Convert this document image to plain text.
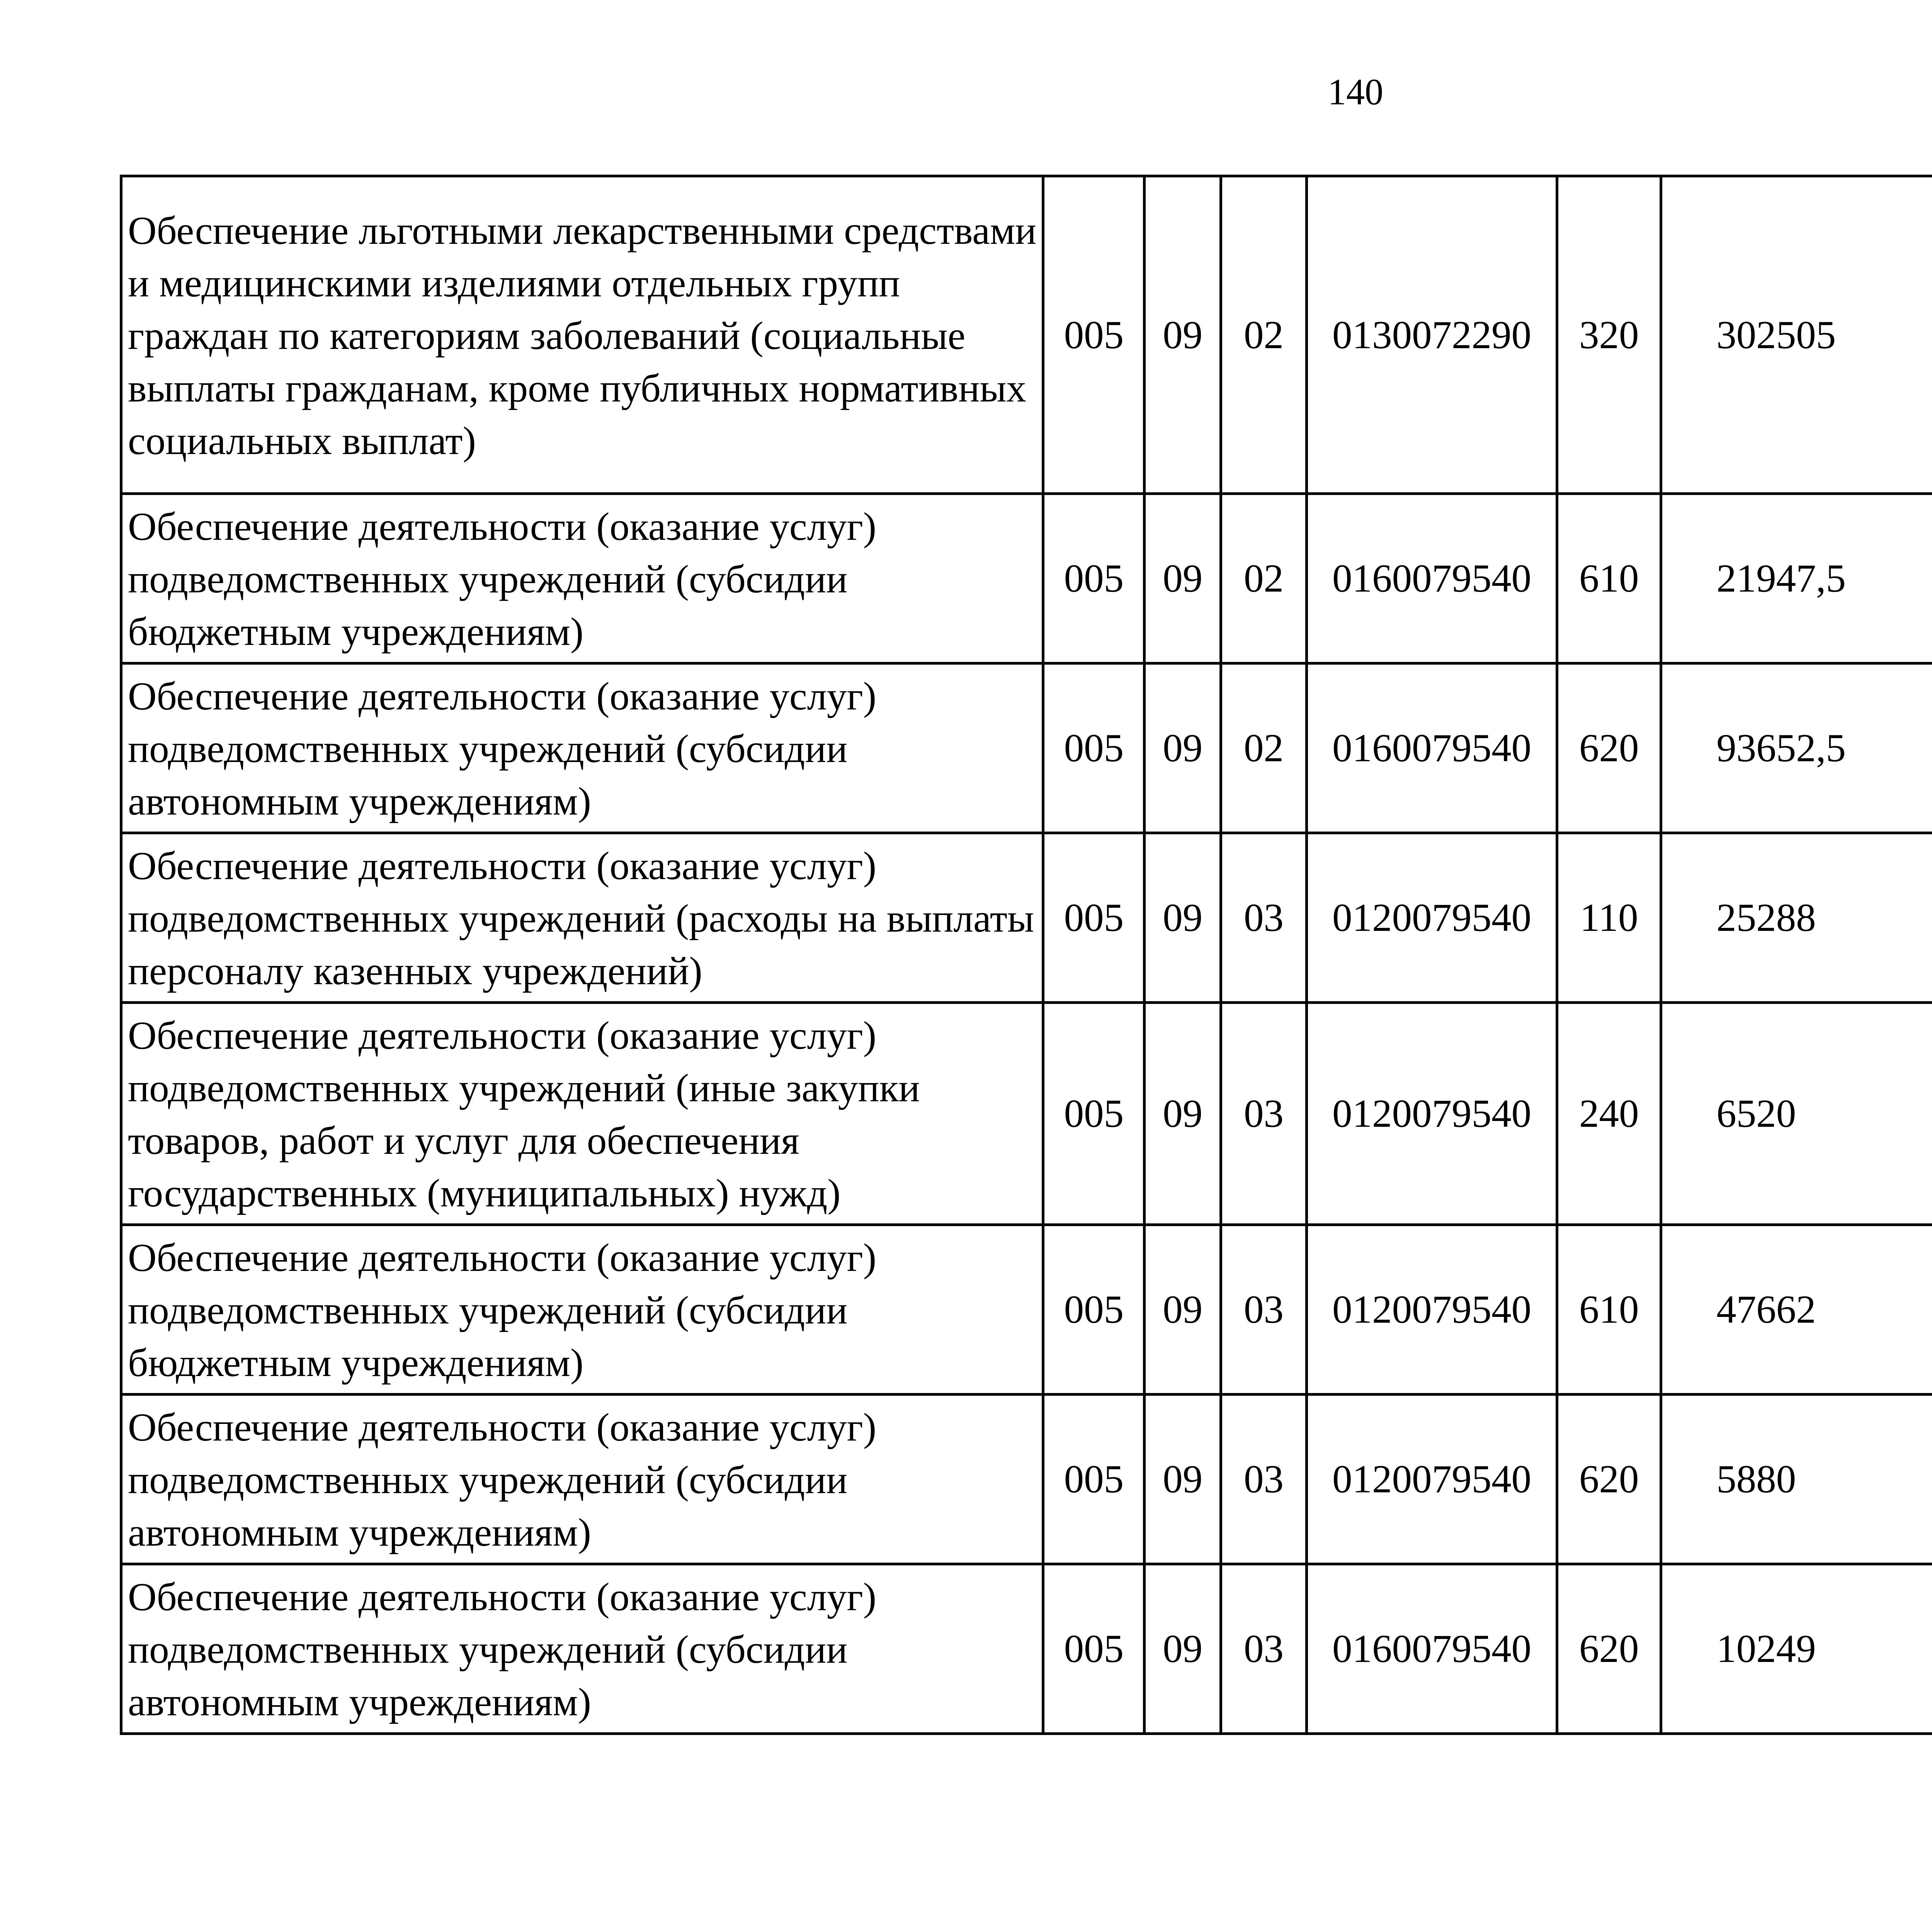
140
Обеспечение льготными лекарственными средствами и медицинскими изделиями отдельных групп граждан по категориям заболеваний (социальные выплаты гражданам, кроме публичных нормативных социальных выплат)	005	09	02	0130072290	320	302505		
Обеспечение деятельности (оказание услуг) подведомственных учреждений (субсидии бюджетным учреждениям)	005	09	02	0160079540	610	21947,5		
Обеспечение деятельности (оказание услуг) подведомственных учреждений (субсидии автономным учреждениям)	005	09	02	0160079540	620	93652,5		
Обеспечение деятельности (оказание услуг) подведомственных учреждений (расходы на выплаты персоналу казенных учреждений)	005	09	03	0120079540	110	25288		
Обеспечение деятельности (оказание услуг) подведомственных учреждений (иные закупки товаров, работ и услуг для обеспечения государственных (муниципальных) нужд)	005	09	03	0120079540	240	6520		
Обеспечение деятельности (оказание услуг) подведомственных учреждений (субсидии бюджетным учреждениям)	005	09	03	0120079540	610	47662		
Обеспечение деятельности (оказание услуг) подведомственных учреждений (субсидии автономным учреждениям)	005	09	03	0120079540	620	5880		
Обеспечение деятельности (оказание услуг) подведомственных учреждений (субсидии автономным учреждениям)	005	09	03	0160079540	620	10249		
